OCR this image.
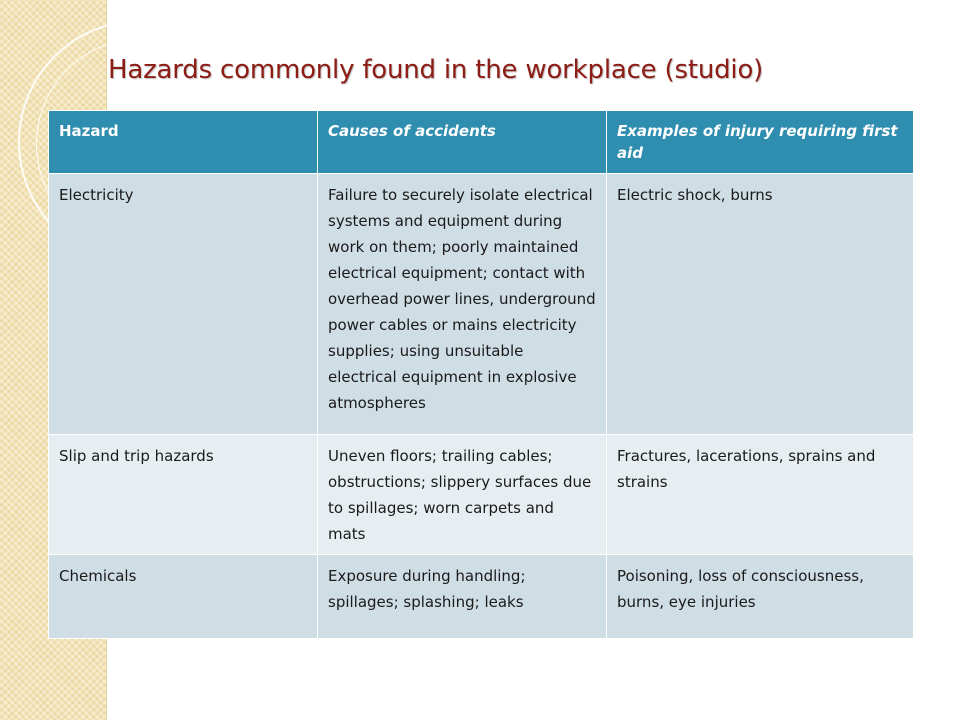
Hazards commonly found in the workplace (studio)
Hazard	Causes of accidents	Examples of injury requiring first aid
Electricity	Failure to securely isolate electrical systems and equipment during work on them; poorly maintained electrical equipment; contact with overhead power lines, underground power cables or mains electricity supplies; using unsuitable electrical equipment in explosive atmospheres	Electric shock, burns
Slip and trip hazards	Uneven floors; trailing cables; obstructions; slippery surfaces due to spillages; worn carpets and mats	Fractures, lacerations, sprains and strains
Chemicals	Exposure during handling; spillages; splashing; leaks	Poisoning, loss of consciousness, burns, eye injuries
